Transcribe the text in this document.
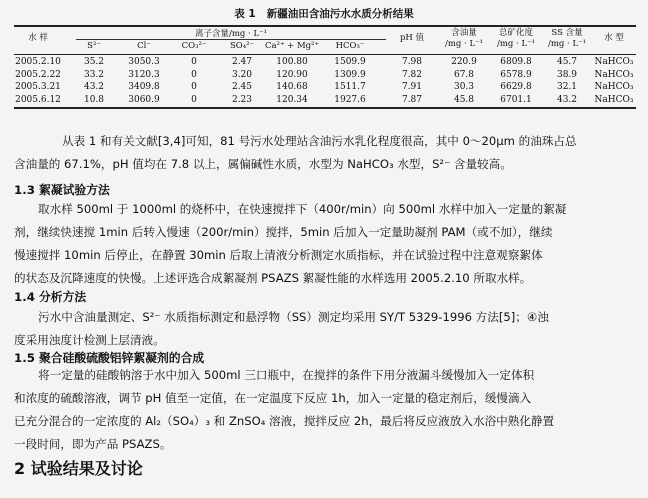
表 1   新疆油田含油污水水质分析结果
离子含量/mg · L⁻¹
水 样
S²⁻	Cl⁻	CO₃²⁻	SO₄²⁻	Ca²⁺ + Mg²⁺	HCO₃⁻
pH 值	含油量
/mg · L⁻¹
总矿化度
/mg · L⁻¹
SS 含量
/mg · L⁻¹
水 型
2005.2.10	35.2	3050.3	0	2.47	100.80	1509.9	7.98	220.9	6809.8	45.7	NaHCO₃
2005.2.22	33.2	3120.3	0	3.20	120.90	1309.9	7.82	67.8	6578.9	38.9	NaHCO₃
2005.3.21	43.2	3409.8	0	2.45	140.68	1511.7	7.91	30.3	6629.8	32.1	NaHCO₃
2005.6.12	10.8	3060.9	0	2.23	120.34	1927.6	7.87	45.8	6701.1	43.2	NaHCO₃
从表 1 和有关文献[3,4]可知，81 号污水处理站含油污水乳化程度很高，其中 0～20μm 的油珠占总
含油量的 67.1%，pH 值均在 7.8 以上，属偏碱性水质，水型为 NaHCO₃ 水型，S²⁻ 含量较高。
1.3 絮凝试验方法
取水样 500ml 于 1000ml 的烧杯中，在快速搅拌下（400r/min）向 500ml 水样中加入一定量的絮凝
剂，继续快速搅 1min 后转入慢速（200r/min）搅拌，5min 后加入一定量助凝剂 PAM（或不加），继续
慢速搅拌 10min 后停止，在静置 30min 后取上清液分析测定水质指标，并在试验过程中注意观察絮体
的状态及沉降速度的快慢。上述评选合成絮凝剂 PSAZS 絮凝性能的水样选用 2005.2.10 所取水样。
1.4 分析方法
污水中含油量测定、S²⁻ 水质指标测定和悬浮物（SS）测定均采用 SY/T 5329-1996 方法[5]；④浊
度采用浊度计检测上层清液。
1.5 聚合硅酸硫酸铝锌絮凝剂的合成
将一定量的硅酸钠溶于水中加入 500ml 三口瓶中，在搅拌的条件下用分液漏斗缓慢加入一定体积
和浓度的硫酸溶液，调节 pH 值至一定值，在一定温度下反应 1h，加入一定量的稳定剂后，缓慢滴入
已充分混合的一定浓度的 Al₂（SO₄）₃ 和 ZnSO₄ 溶液，搅拌反应 2h，最后将反应液放入水浴中熟化静置
一段时间，即为产品 PSAZS。
2 试验结果及讨论
